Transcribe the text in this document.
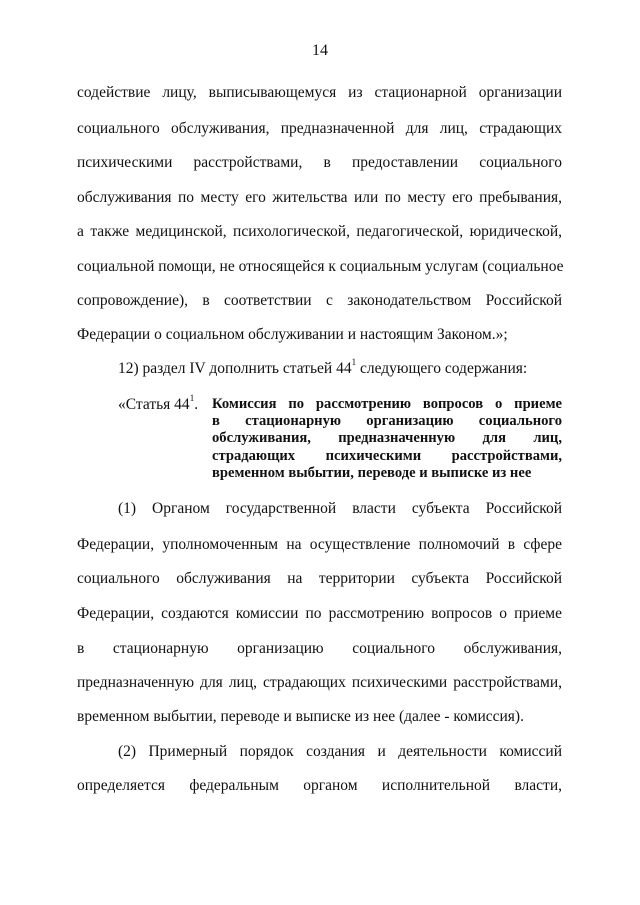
14
содействие лицу, выписывающемуся из стационарной организации
социального обслуживания, предназначенной для лиц, страдающих
психическими расстройствами, в предоставлении социального
обслуживания по месту его жительства или по месту его пребывания,
а также медицинской, психологической, педагогической, юридической,
социальной помощи, не относящейся к социальным услугам (социальное
сопровождение), в соответствии с законодательством Российской
Федерации о социальном обслуживании и настоящим Законом.»;
12) раздел IV дополнить статьей $44^1$ следующего содержания:
«Статья $44^1$. Комиссия по рассмотрению вопросов о приеме
в стационарную организацию социального
обслуживания, предназначенную для лиц,
страдающих психическими расстройствами,
временном выбытии, переводе и выписке из нее
(1) Органом государственной власти субъекта Российской
Федерации, уполномоченным на осуществление полномочий в сфере
социального обслуживания на территории субъекта Российской
Федерации, создаются комиссии по рассмотрению вопросов о приеме
в стационарную организацию социального обслуживания,
предназначенную для лиц, страдающих психическими расстройствами,
временном выбытии, переводе и выписке из нее (далее - комиссия).
(2) Примерный порядок создания и деятельности комиссий
определяется федеральным органом исполнительной власти,
